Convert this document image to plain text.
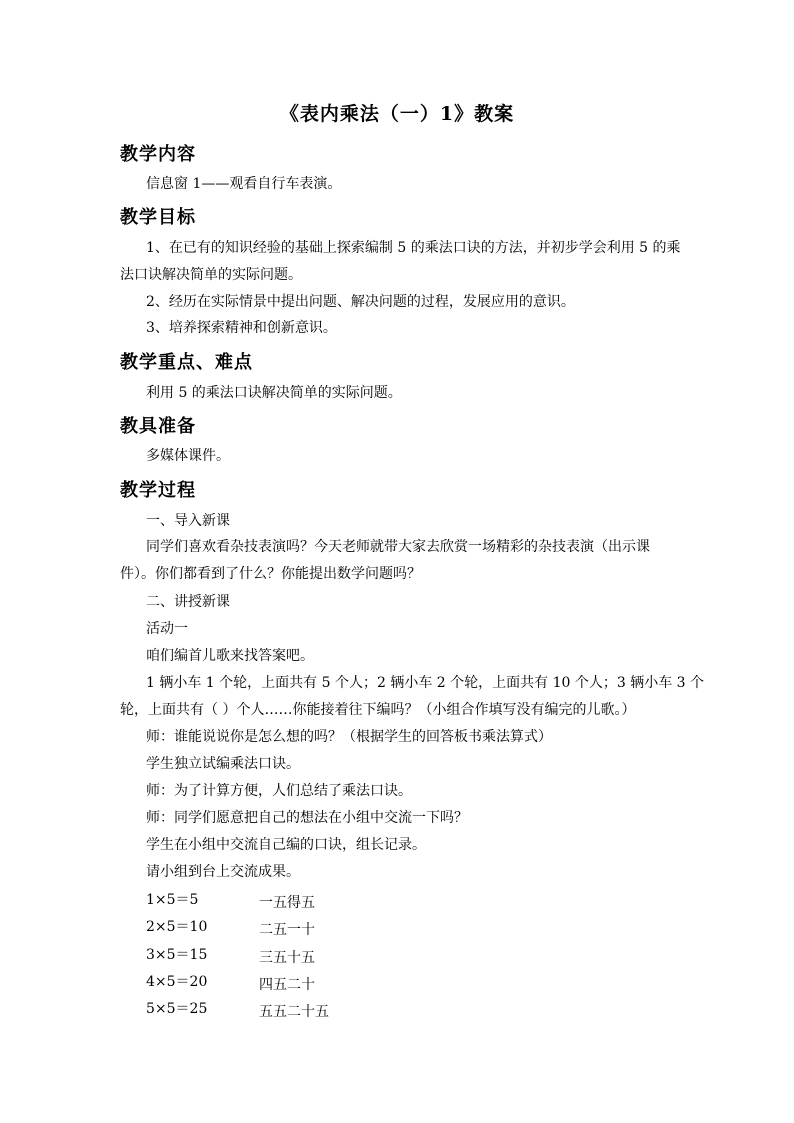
《表内乘法（一）1》教案
教学内容
信息窗 1——观看自行车表演。
教学目标
1、在已有的知识经验的基础上探索编制 5 的乘法口诀的方法，并初步学会利用 5 的乘
法口诀解决简单的实际问题。
2、经历在实际情景中提出问题、解决问题的过程，发展应用的意识。
3、培养探索精神和创新意识。
教学重点、难点
利用 5 的乘法口诀解决简单的实际问题。
教具准备
多媒体课件。
教学过程
一、导入新课
同学们喜欢看杂技表演吗？今天老师就带大家去欣赏一场精彩的杂技表演（出示课
件）。你们都看到了什么？你能提出数学问题吗？
二、讲授新课
活动一
咱们编首儿歌来找答案吧。
1 辆小车 1 个轮，上面共有 5 个人；2 辆小车 2 个轮，上面共有 10 个人；3 辆小车 3 个
轮，上面共有（ ）个人……你能接着往下编吗？（小组合作填写没有编完的儿歌。）
师：谁能说说你是怎么想的吗？（根据学生的回答板书乘法算式）
学生独立试编乘法口诀。
师：为了计算方便，人们总结了乘法口诀。
师：同学们愿意把自己的想法在小组中交流一下吗？
学生在小组中交流自己编的口诀，组长记录。
请小组到台上交流成果。
1×5＝5	一五得五
2×5＝10	二五一十
3×5＝15	三五十五
4×5＝20	四五二十
5×5＝25	五五二十五
